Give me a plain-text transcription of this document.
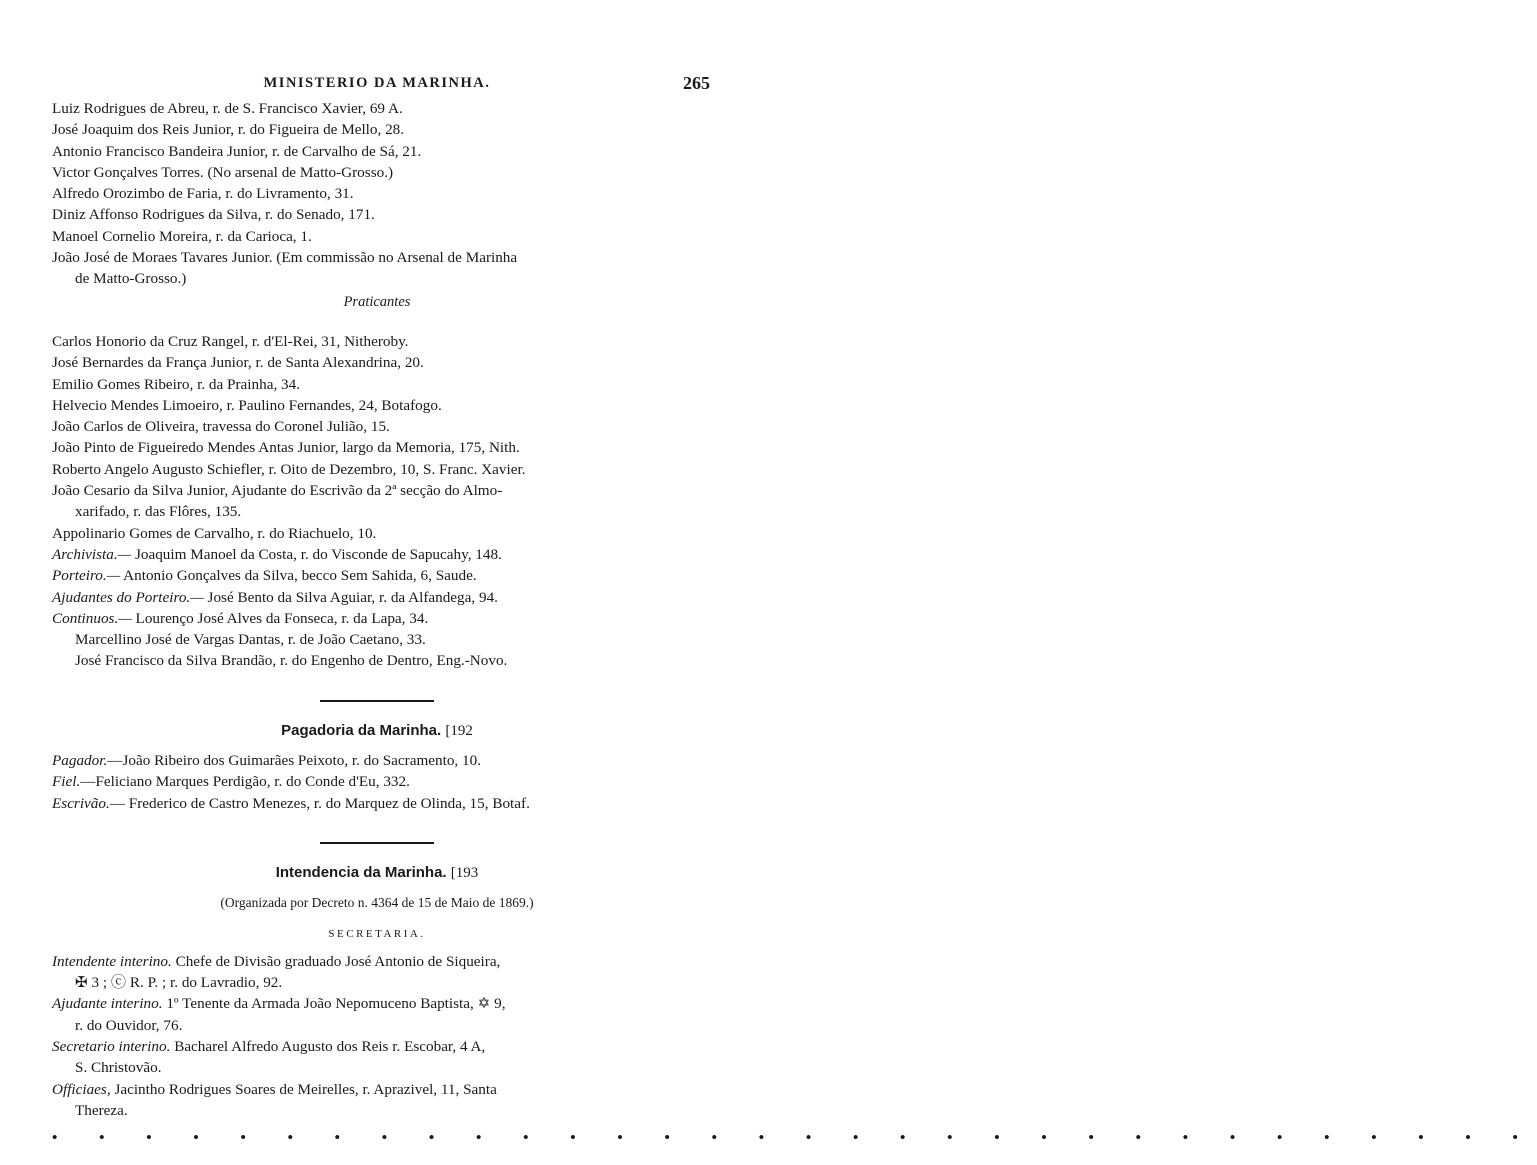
MINISTERIO DA MARINHA.	265
Luiz Rodrigues de Abreu, r. de S. Francisco Xavier, 69 A.
José Joaquim dos Reis Junior, r. do Figueira de Mello, 28.
Antonio Francisco Bandeira Junior, r. de Carvalho de Sá, 21.
Victor Gonçalves Torres. (No arsenal de Matto-Grosso.)
Alfredo Orozimbo de Faria, r. do Livramento, 31.
Diniz Affonso Rodrigues da Silva, r. do Senado, 171.
Manoel Cornelio Moreira, r. da Carioca, 1.
João José de Moraes Tavares Junior. (Em commissão no Arsenal de Marinha
de Matto-Grosso.)
Praticantes
Carlos Honorio da Cruz Rangel, r. d'El-Rei, 31, Nitheroby.
José Bernardes da França Junior, r. de Santa Alexandrina, 20.
Emilio Gomes Ribeiro, r. da Prainha, 34.
Helvecio Mendes Limoeiro, r. Paulino Fernandes, 24, Botafogo.
João Carlos de Oliveira, travessa do Coronel Julião, 15.
João Pinto de Figueiredo Mendes Antas Junior, largo da Memoria, 175, Nith.
Roberto Angelo Augusto Schiefler, r. Oito de Dezembro, 10, S. Franc. Xavier.
João Cesario da Silva Junior, Ajudante do Escrivão da 2ª secção do Almo-
xarifado, r. das Flôres, 135.
Appolinario Gomes de Carvalho, r. do Riachuelo, 10.
Archivista.— Joaquim Manoel da Costa, r. do Visconde de Sapucahy, 148.
Porteiro.— Antonio Gonçalves da Silva, becco Sem Sahida, 6, Saude.
Ajudantes do Porteiro.— José Bento da Silva Aguiar, r. da Alfandega, 94.
Continuos.— Lourenço José Alves da Fonseca, r. da Lapa, 34.
Marcellino José de Vargas Dantas, r. de João Caetano, 33.
José Francisco da Silva Brandão, r. do Engenho de Dentro, Eng.-Novo.
Pagadoria da Marinha. [192
Pagador.—João Ribeiro dos Guimarães Peixoto, r. do Sacramento, 10.
Fiel.—Feliciano Marques Perdigão, r. do Conde d'Eu, 332.
Escrivão.— Frederico de Castro Menezes, r. do Marquez de Olinda, 15, Botaf.
Intendencia da Marinha. [193
(Organizada por Decreto n. 4364 de 15 de Maio de 1869.)
SECRETARIA.
Intendente interino. Chefe de Divisão graduado José Antonio de Siqueira,
✠ 3 ; ⓒ R. P. ; r. do Lavradio, 92.
Ajudante interino. 1º Tenente da Armada João Nepomuceno Baptista, ✡ 9,
r. do Ouvidor, 76.
Secretario interino. Bacharel Alfredo Augusto dos Reis r. Escobar, 4 A,
S. Christovão.
Officiaes, Jacintho Rodrigues Soares de Meirelles, r. Aprazivel, 11, Santa
Thereza.
• • • • • • • • • • • • • • • • • • • • • • • • • • • • • • • •
